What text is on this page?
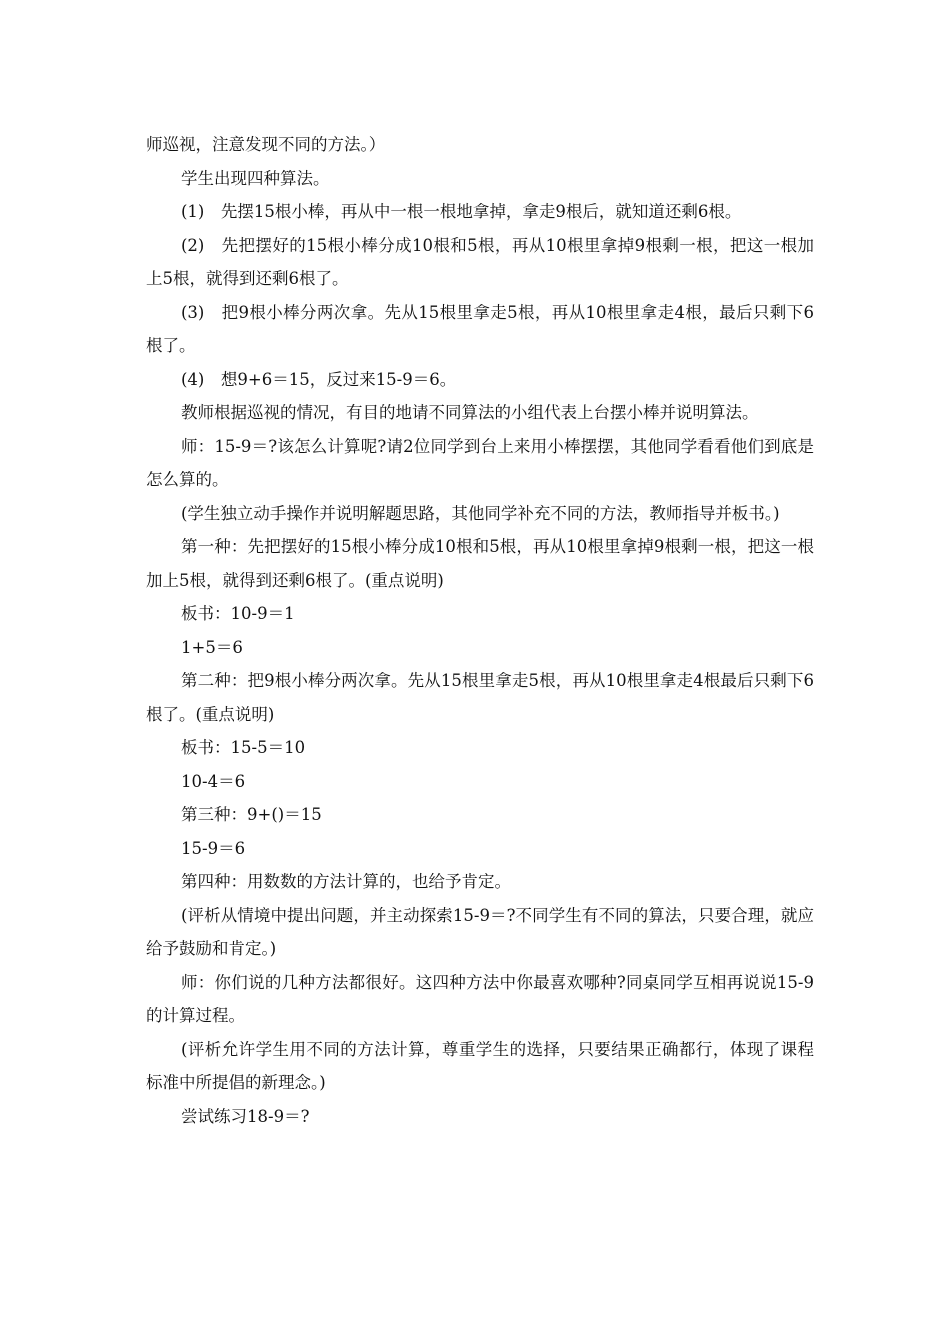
师巡视，注意发现不同的方法。）

学生出现四种算法。

(1)　先摆15根小棒，再从中一根一根地拿掉，拿走9根后，就知道还剩6根。

(2)　先把摆好的15根小棒分成10根和5根，再从10根里拿掉9根剩一根，把这一根加上5根，就得到还剩6根了。

(3)　把9根小棒分两次拿。先从15根里拿走5根，再从10根里拿走4根，最后只剩下6根了。

(4)　想9+6＝15，反过来15-9＝6。

教师根据巡视的情况，有目的地请不同算法的小组代表上台摆小棒并说明算法。

师：15-9＝?该怎么计算呢?请2位同学到台上来用小棒摆摆，其他同学看看他们到底是怎么算的。

(学生独立动手操作并说明解题思路，其他同学补充不同的方法，教师指导并板书。)

第一种：先把摆好的15根小棒分成10根和5根，再从10根里拿掉9根剩一根，把这一根加上5根，就得到还剩6根了。(重点说明)

板书：10-9＝1

1+5＝6

第二种：把9根小棒分两次拿。先从15根里拿走5根，再从10根里拿走4根最后只剩下6根了。(重点说明)

板书：15-5＝10

10-4＝6

第三种：9+()＝15

15-9＝6

第四种：用数数的方法计算的，也给予肯定。

(评析从情境中提出问题，并主动探索15-9＝?不同学生有不同的算法，只要合理，就应给予鼓励和肯定。)

师：你们说的几种方法都很好。这四种方法中你最喜欢哪种?同桌同学互相再说说15-9的计算过程。

(评析允许学生用不同的方法计算，尊重学生的选择，只要结果正确都行，体现了课程标准中所提倡的新理念。)

尝试练习18-9＝?
